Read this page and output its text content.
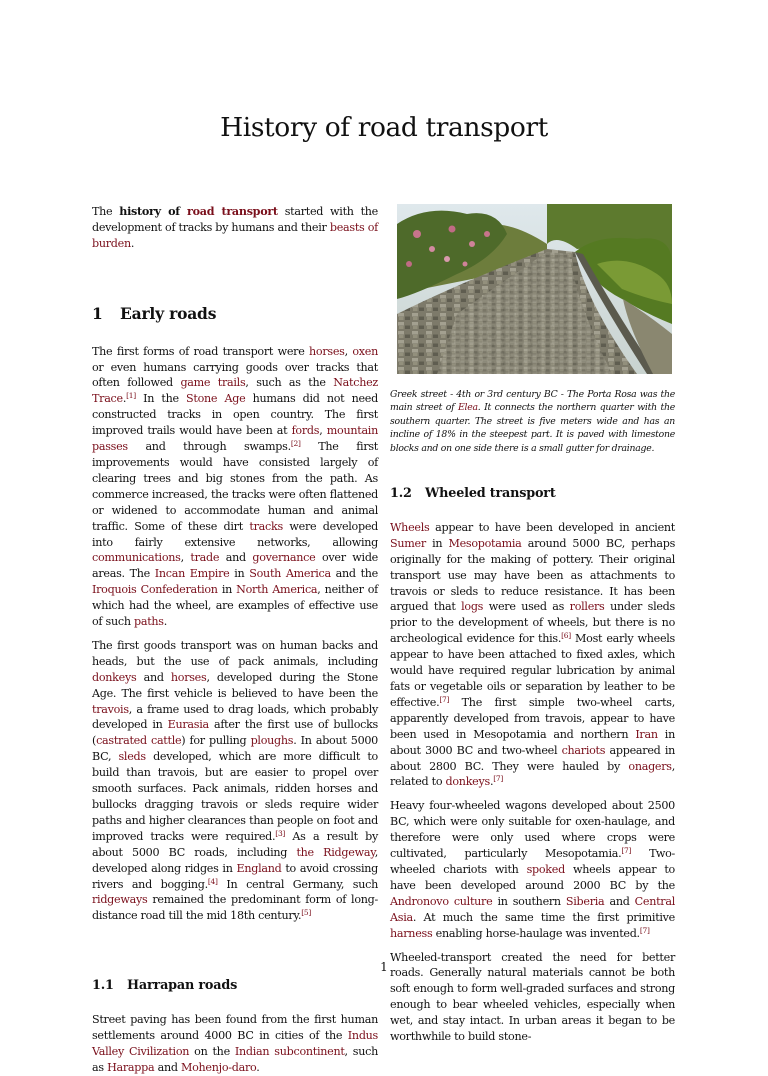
History of road transport

The history of road transport started with the development of tracks by humans and their beasts of burden.

1 Early roads

The first forms of road transport were horses, oxen or even humans carrying goods over tracks that often followed game trails, such as the Natchez Trace.[1] In the Stone Age humans did not need constructed tracks in open country. The first improved trails would have been at fords, mountain passes and through swamps.[2] The first improvements would have consisted largely of clearing trees and big stones from the path. As commerce increased, the tracks were often flattened or widened to accommodate human and animal traffic. Some of these dirt tracks were developed into fairly extensive networks, allowing communications, trade and governance over wide areas. The Incan Empire in South America and the Iroquois Confederation in North America, neither of which had the wheel, are examples of effective use of such paths.

The first goods transport was on human backs and heads, but the use of pack animals, including donkeys and horses, developed during the Stone Age. The first vehicle is believed to have been the travois, a frame used to drag loads, which probably developed in Eurasia after the first use of bullocks (castrated cattle) for pulling ploughs. In about 5000 BC, sleds developed, which are more difficult to build than travois, but are easier to propel over smooth surfaces. Pack animals, ridden horses and bullocks dragging travois or sleds require wider paths and higher clearances than people on foot and improved tracks were required.[3] As a result by about 5000 BC roads, including the Ridgeway, developed along ridges in England to avoid crossing rivers and bogging.[4] In central Germany, such ridgeways remained the predominant form of long-distance road till the mid 18th century.[5]

1.1 Harrapan roads

Street paving has been found from the first human settlements around 4000 BC in cities of the Indus Valley Civilization on the Indian subcontinent, such as Harappa and Mohenjo-daro.

Greek street - 4th or 3rd century BC - The Porta Rosa was the main street of Elea. It connects the northern quarter with the southern quarter. The street is five meters wide and has an incline of 18% in the steepest part. It is paved with limestone blocks and on one side there is a small gutter for drainage.

1.2 Wheeled transport

Wheels appear to have been developed in ancient Sumer in Mesopotamia around 5000 BC, perhaps originally for the making of pottery. Their original transport use may have been as attachments to travois or sleds to reduce resistance. It has been argued that logs were used as rollers under sleds prior to the development of wheels, but there is no archeological evidence for this.[6] Most early wheels appear to have been attached to fixed axles, which would have required regular lubrication by animal fats or vegetable oils or separation by leather to be effective.[7] The first simple two-wheel carts, apparently developed from travois, appear to have been used in Mesopotamia and northern Iran in about 3000 BC and two-wheel chariots appeared in about 2800 BC. They were hauled by onagers, related to donkeys.[7]

Heavy four-wheeled wagons developed about 2500 BC, which were only suitable for oxen-haulage, and therefore were only used where crops were cultivated, particularly Mesopotamia.[7] Two-wheeled chariots with spoked wheels appear to have been developed around 2000 BC by the Andronovo culture in southern Siberia and Central Asia. At much the same time the first primitive harness enabling horse-haulage was invented.[7]

Wheeled-transport created the need for better roads. Generally natural materials cannot be both soft enough to form well-graded surfaces and strong enough to bear wheeled vehicles, especially when wet, and stay intact. In urban areas it began to be worthwhile to build stone-

1
